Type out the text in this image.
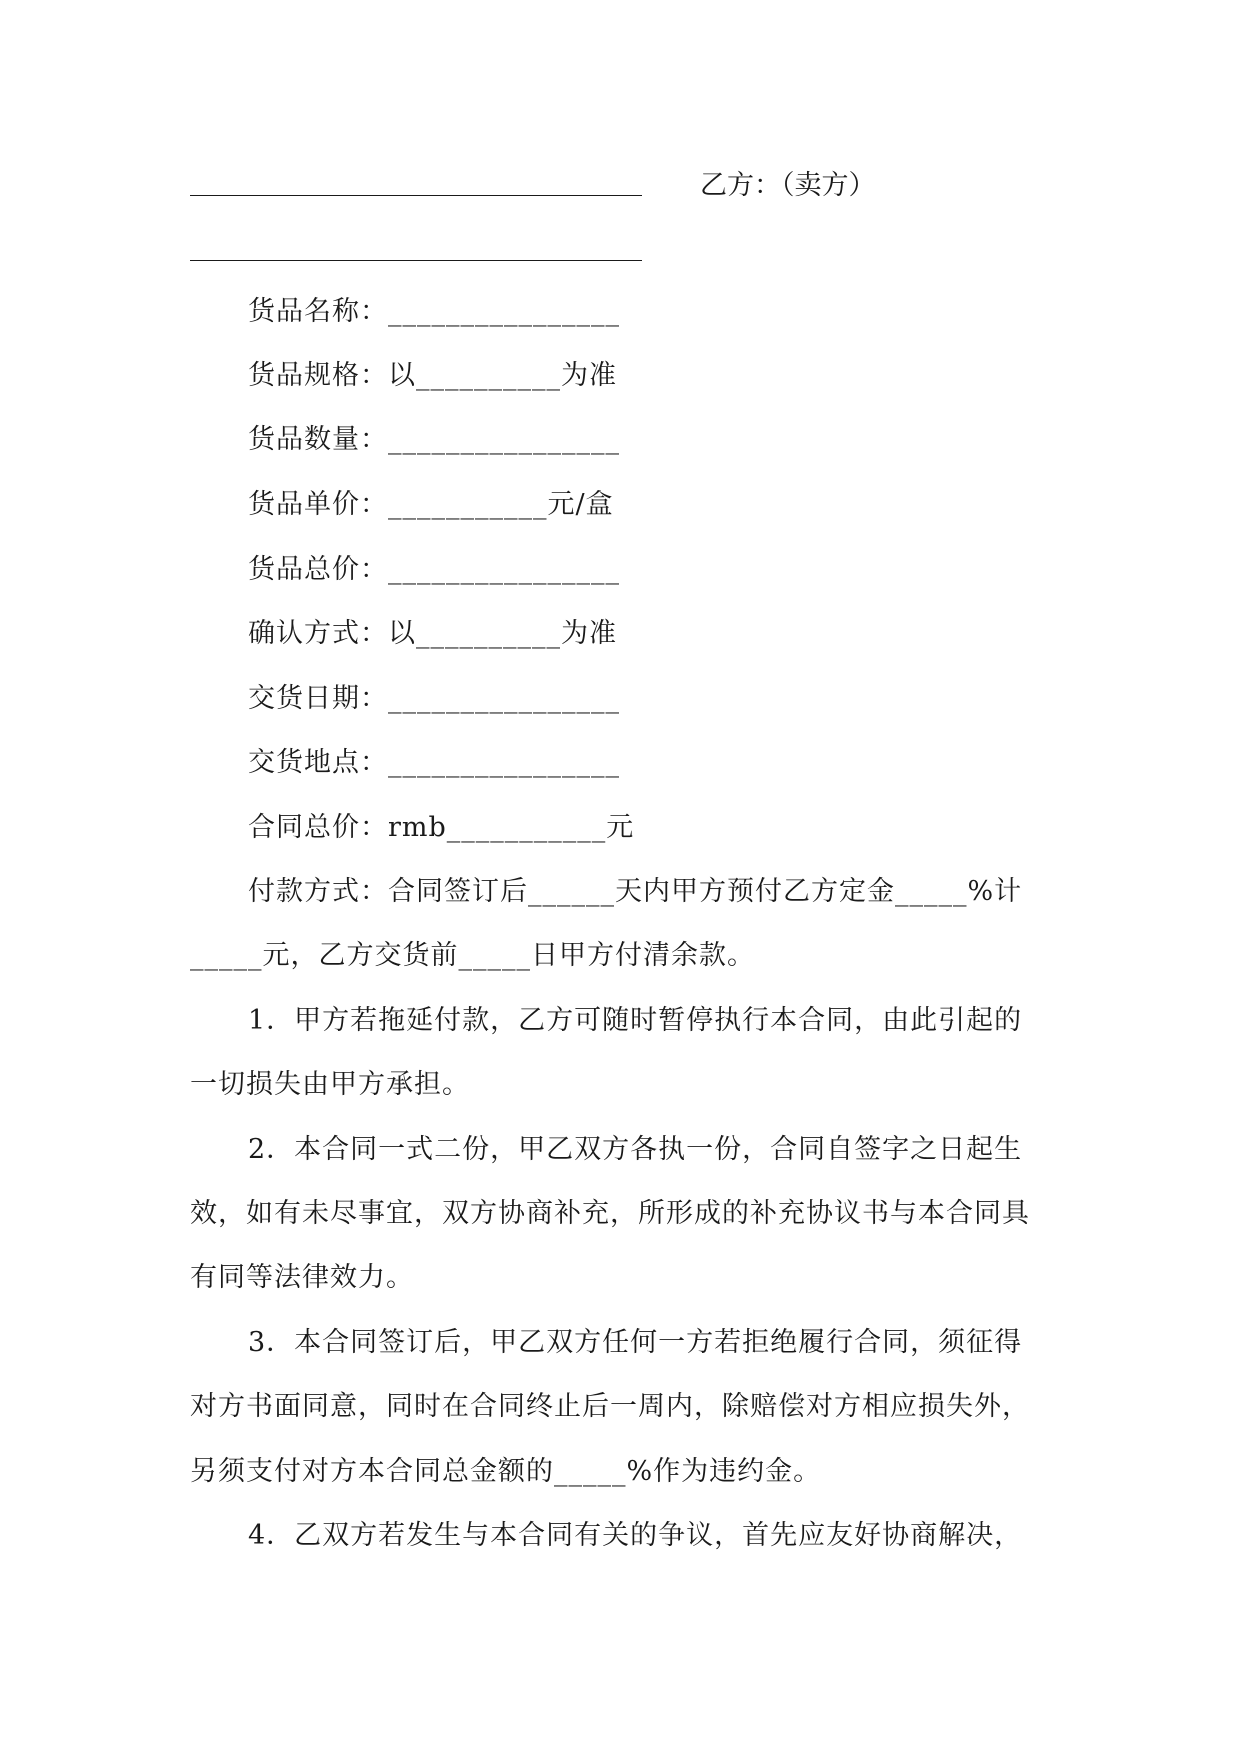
乙方：（卖方）
货品名称：________________
货品规格：以__________为准
货品数量：________________
货品单价：___________元/盒
货品总价：________________
确认方式：以__________为准
交货日期：________________
交货地点：________________
合同总价：rmb___________元
付款方式：合同签订后______天内甲方预付乙方定金_____%计
_____元，乙方交货前_____日甲方付清余款。
1．甲方若拖延付款，乙方可随时暂停执行本合同，由此引起的
一切损失由甲方承担。
2．本合同一式二份，甲乙双方各执一份，合同自签字之日起生
效，如有未尽事宜，双方协商补充，所形成的补充协议书与本合同具
有同等法律效力。
3．本合同签订后，甲乙双方任何一方若拒绝履行合同，须征得
对方书面同意，同时在合同终止后一周内，除赔偿对方相应损失外，
另须支付对方本合同总金额的_____%作为违约金。
4．乙双方若发生与本合同有关的争议，首先应友好协商解决，
